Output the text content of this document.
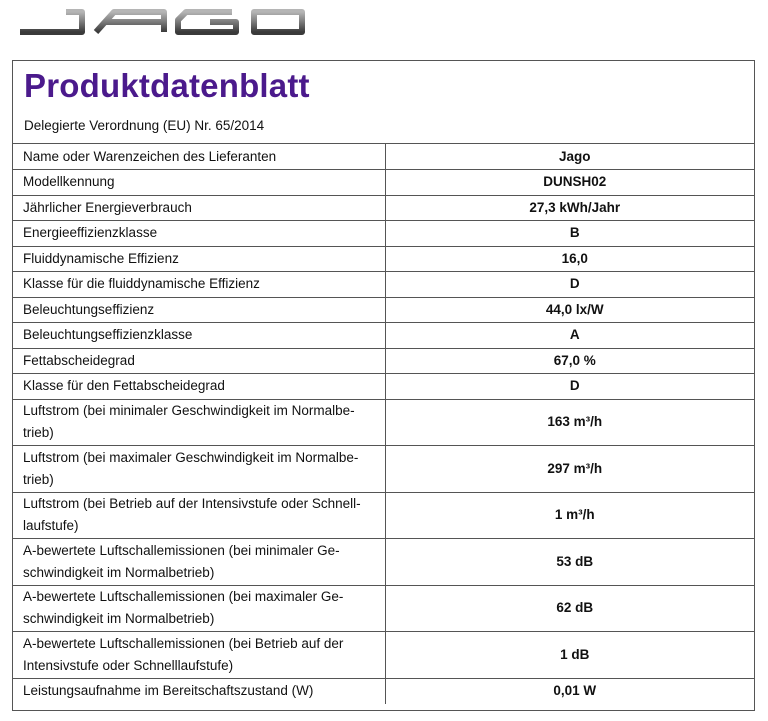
Produktdatenblatt
Delegierte Verordnung (EU) Nr. 65/2014
Name oder Warenzeichen des Lieferanten	Jago
Modellkennung	DUNSH02
Jährlicher Energieverbrauch	27,3 kWh/Jahr
Energieeffizienzklasse	B
Fluiddynamische Effizienz	16,0
Klasse für die fluiddynamische Effizienz	D
Beleuchtungseffizienz	44,0 lx/W
Beleuchtungseffizienzklasse	A
Fettabscheidegrad	67,0 %
Klasse für den Fettabscheidegrad	D
Luftstrom (bei minimaler Geschwindigkeit im Normalbe-
trieb)	163 m³/h
Luftstrom (bei maximaler Geschwindigkeit im Normalbe-
trieb)	297 m³/h
Luftstrom (bei Betrieb auf der Intensivstufe oder Schnell-
laufstufe)	1 m³/h
A-bewertete Luftschallemissionen (bei minimaler Ge-
schwindigkeit im Normalbetrieb)	53 dB
A-bewertete Luftschallemissionen (bei maximaler Ge-
schwindigkeit im Normalbetrieb)	62 dB
A-bewertete Luftschallemissionen (bei Betrieb auf der
Intensivstufe oder Schnelllaufstufe)	1 dB
Leistungsaufnahme im Bereitschaftszustand (W)	0,01 W
